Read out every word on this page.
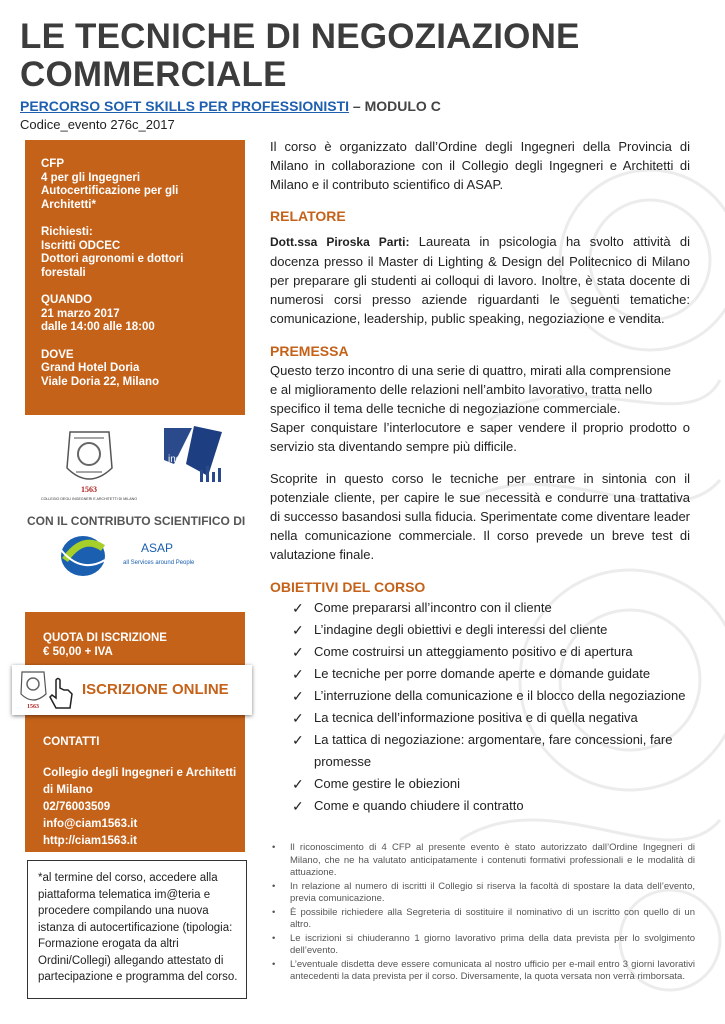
LE TECNICHE DI NEGOZIAZIONE COMMERCIALE
PERCORSO SOFT SKILLS PER PROFESSIONISTI – MODULO C
Codice_evento 276c_2017

CFP
4 per gli Ingegneri
Autocertificazione per gli Architetti*

Richiesti:
Iscritti ODCEC
Dottori agronomi e dottori forestali

QUANDO
21 marzo 2017
dalle 14:00 alle 18:00

DOVE
Grand Hotel Doria
Viale Doria 22, Milano

1563
COLLEGIO DEGLI INGEGNERI E ARCHITETTI DI MILANO
ing.
CON IL CONTRIBUTO SCIENTIFICO DI
ASAP
all Services around People
QUOTA DI ISCRIZIONE
€ 50,00 + IVA

CONTATTI

Collegio degli Ingegneri e Architetti di Milano
02/76003509
info@ciam1563.it
http://ciam1563.it

1563
ISCRIZIONE ONLINE
*al termine del corso, accedere alla piattaforma telematica im@teria e procedere compilando una nuova istanza di autocertificazione (tipologia: Formazione erogata da altri Ordini/Collegi) allegando attestato di partecipazione e programma del corso.

Il corso è organizzato dall’Ordine degli Ingegneri della Provincia di Milano in collaborazione con il Collegio degli Ingegneri e Architetti di Milano e il contributo scientifico di ASAP.

RELATORE

Dott.ssa Piroska Parti: Laureata in psicologia ha svolto attività di docenza presso il Master di Lighting & Design del Politecnico di Milano per preparare gli studenti ai colloqui di lavoro. Inoltre, è stata docente di numerosi corsi presso aziende riguardanti le seguenti tematiche: comunicazione, leadership, public speaking, negoziazione e vendita.

PREMESSA
Questo terzo incontro di una serie di quattro, mirati alla comprensione
e al miglioramento delle relazioni nell’ambito lavorativo, tratta nello
specifico il tema delle tecniche di negoziazione commerciale.

Saper conquistare l’interlocutore e saper vendere il proprio prodotto o servizio sta diventando sempre più difficile.

Scoprite in questo corso le tecniche per entrare in sintonia con il potenziale cliente, per capire le sue necessità e condurre una trattativa di successo basandosi sulla fiducia. Sperimentate come diventare leader nella comunicazione commerciale. Il corso prevede un breve test di valutazione finale.

OBIETTIVI DEL CORSO
✓ Come prepararsi all’incontro con il cliente
✓ L’indagine degli obiettivi e degli interessi del cliente
✓ Come costruirsi un atteggiamento positivo e di apertura
✓ Le tecniche per porre domande aperte e domande guidate
✓ L’interruzione della comunicazione e il blocco della negoziazione
✓ La tecnica dell’informazione positiva e di quella negativa
✓ La tattica di negoziazione: argomentare, fare concessioni, fare promesse
✓ Come gestire le obiezioni
✓ Come e quando chiudere il contratto
• Il riconoscimento di 4 CFP al presente evento è stato autorizzato dall’Ordine Ingegneri di Milano, che ne ha valutato anticipatamente i contenuti formativi professionali e le modalità di attuazione.
• In relazione al numero di iscritti il Collegio si riserva la facoltà di spostare la data dell’evento, previa comunicazione.
• È possibile richiedere alla Segreteria di sostituire il nominativo di un iscritto con quello di un altro.
• Le iscrizioni si chiuderanno 1 giorno lavorativo prima della data prevista per lo svolgimento dell’evento.
• L’eventuale disdetta deve essere comunicata al nostro ufficio per e-mail entro 3 giorni lavorativi antecedenti la data prevista per il corso. Diversamente, la quota versata non verrà rimborsata.
